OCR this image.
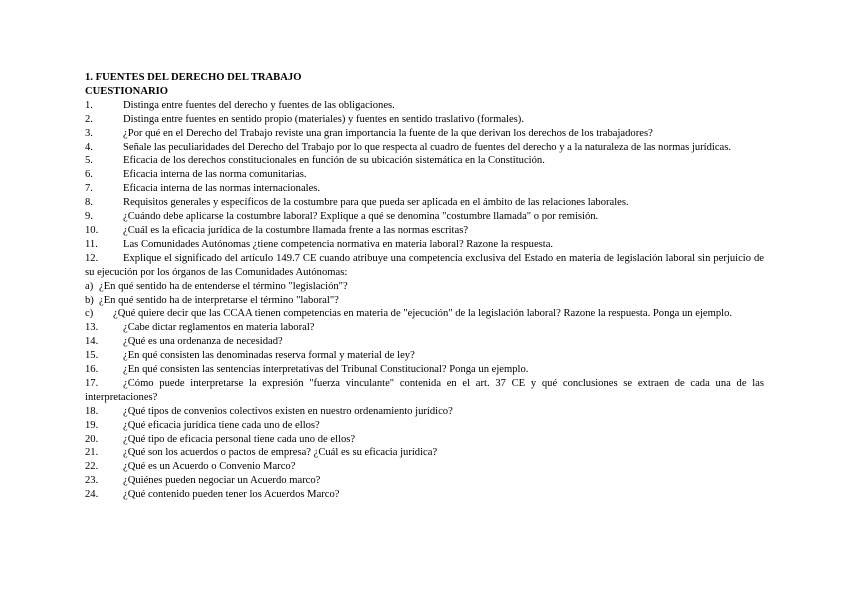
1. FUENTES DEL DERECHO DEL TRABAJO
CUESTIONARIO

1.	Distinga entre fuentes del derecho y fuentes de las obligaciones.

2.	Distinga entre fuentes en sentido propio (materiales) y fuentes en sentido traslativo (formales).

3.	¿Por qué en el Derecho del Trabajo reviste una gran importancia la fuente de la que derivan los derechos de los trabajadores?

4.	Señale las peculiaridades del Derecho del Trabajo por lo que respecta al cuadro de fuentes del derecho y a la naturaleza de las normas jurídicas.

5.	Eficacia de los derechos constitucionales en función de su ubicación sistemática en la Constitución.

6.	Eficacia interna de las norma comunitarias.

7.	Eficacia interna de las normas internacionales.

8.	Requisitos generales y específicos de la costumbre para que pueda ser aplicada en el ámbito de las relaciones laborales.

9.	¿Cuándo debe aplicarse la costumbre laboral? Explique a qué se denomina "costumbre llamada" o por remisión.

10. ¿Cuál es la eficacia jurídica de la costumbre llamada frente a las normas escritas?

11. Las Comunidades Autónomas ¿tiene competencia normativa en materia laboral? Razone la respuesta.

12. Explique el significado del artículo 149.7 CE cuando atribuye una competencia exclusiva del Estado en materia de legislación laboral sin perjuicio de su ejecución por los órganos de las Comunidades Autónomas:

a) ¿En qué sentido ha de entenderse el término "legislación"?

b) ¿En qué sentido ha de interpretarse el término "laboral"?

c) ¿Qué quiere decir que las CCAA tienen competencias en materia de "ejecución" de la legislación laboral? Razone la respuesta. Ponga un ejemplo.

13. ¿Cabe dictar reglamentos en materia laboral?

14. ¿Qué es una ordenanza de necesidad?

15. ¿En qué consisten las denominadas reserva formal y material de ley?

16. ¿En qué consisten las sentencias interpretativas del Tribunal Constitucional? Ponga un ejemplo.

17. ¿Cómo puede interpretarse la expresión "fuerza vinculante" contenida en el art. 37 CE y qué conclusiones se extraen de cada una de las interpretaciones?

18. ¿Qué tipos de convenios colectivos existen en nuestro ordenamiento jurídico?

19. ¿Qué eficacia jurídica tiene cada uno de ellos?

20. ¿Qué tipo de eficacia personal tiene cada uno de ellos?

21. ¿Qué son los acuerdos o pactos de empresa? ¿Cuál es su eficacia jurídica?

22. ¿Qué es un Acuerdo o Convenio Marco?

23. ¿Quiénes pueden negociar un Acuerdo marco?

24. ¿Qué contenido pueden tener los Acuerdos Marco?
